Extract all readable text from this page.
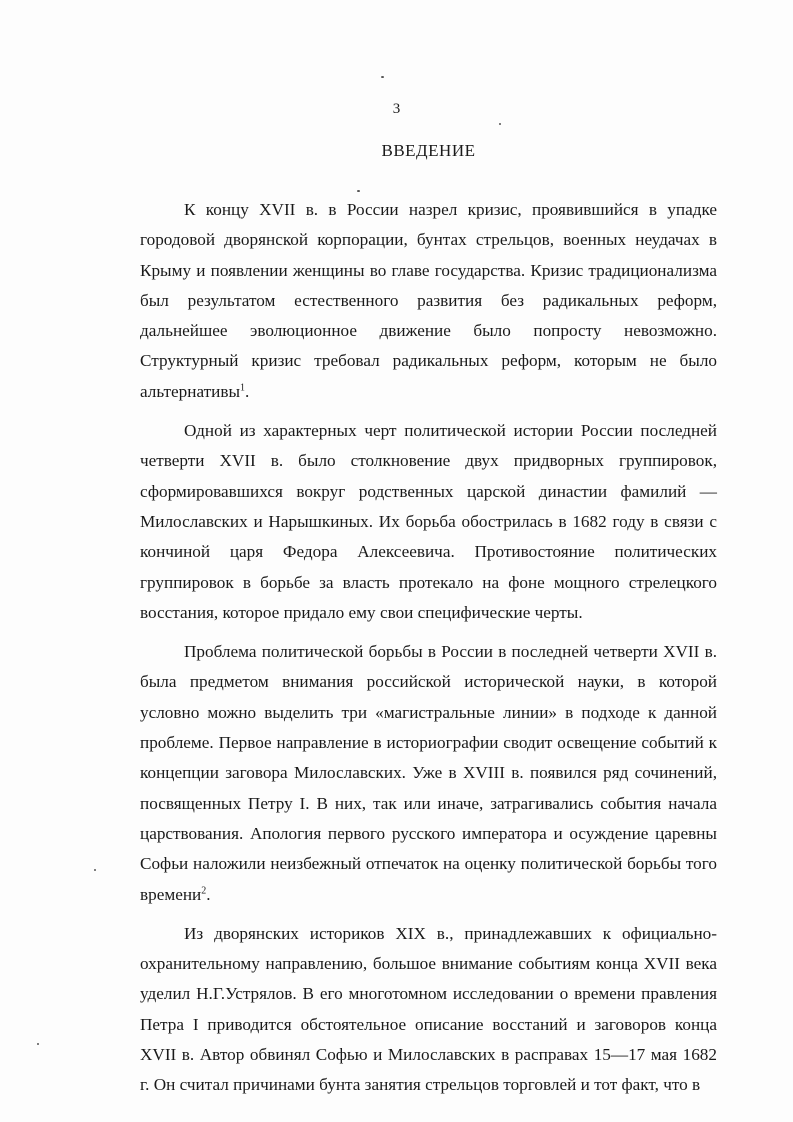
3
ВВЕДЕНИЕ

К концу XVII в. в России назрел кризис, проявившийся в упадке городовой дворянской корпорации, бунтах стрельцов, военных неудачах в Крыму и появлении женщины во главе государства. Кризис традиционализма был результатом естественного развития без радикальных реформ, дальнейшее эволюционное движение было попросту невозможно. Структурный кризис требовал радикальных реформ, которым не было альтернативы$^1$.

Одной из характерных черт политической истории России последней четверти XVII в. было столкновение двух придворных группировок, сформировавшихся вокруг родственных царской династии фамилий — Милославских и Нарышкиных. Их борьба обострилась в 1682 году в связи с кончиной царя Федора Алексеевича. Противостояние политических группировок в борьбе за власть протекало на фоне мощного стрелецкого восстания, которое придало ему свои специфические черты.

Проблема политической борьбы в России в последней четверти XVII в. была предметом внимания российской исторической науки, в которой условно можно выделить три «магистральные линии» в подходе к данной проблеме. Первое направление в историографии сводит освещение событий к концепции заговора Милославских. Уже в XVIII в. появился ряд сочинений, посвященных Петру I. В них, так или иначе, затрагивались события начала царствования. Апология первого русского императора и осуждение царевны Софьи наложили неизбежный отпечаток на оценку политической борьбы того времени$^2$.

Из дворянских историков XIX в., принадлежавших к официально-охранительному направлению, большое внимание событиям конца XVII века уделил Н.Г.Устрялов. В его многотомном исследовании о времени правления Петра I приводится обстоятельное описание восстаний и заговоров конца XVII в. Автор обвинял Софью и Милославских в расправах 15—17 мая 1682 г. Он считал причинами бунта занятия стрельцов торговлей и тот факт, что в
